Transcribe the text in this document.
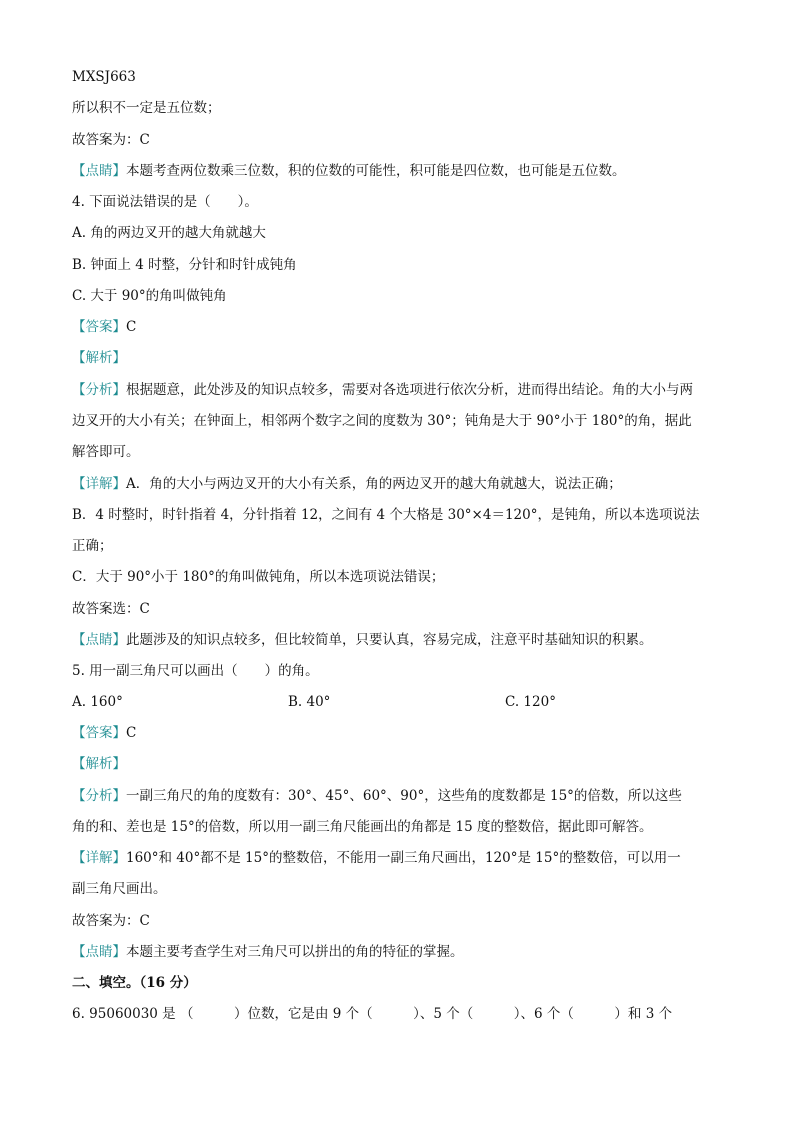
MXSJ663
所以积不一定是五位数；
故答案为：C
【点睛】本题考查两位数乘三位数，积的位数的可能性，积可能是四位数，也可能是五位数。
4. 下面说法错误的是（　　）。
A. 角的两边叉开的越大角就越大
B. 钟面上 4 时整，分针和时针成钝角
C. 大于 90°的角叫做钝角
【答案】C
【解析】
【分析】根据题意，此处涉及的知识点较多，需要对各选项进行依次分析，进而得出结论。角的大小与两
边叉开的大小有关；在钟面上，相邻两个数字之间的度数为 30°；钝角是大于 90°小于 180°的角，据此
解答即可。
【详解】A．角的大小与两边叉开的大小有关系，角的两边叉开的越大角就越大，说法正确；
B．4 时整时，时针指着 4，分针指着 12，之间有 4 个大格是 30°×4＝120°，是钝角，所以本选项说法
正确；
C．大于 90°小于 180°的角叫做钝角，所以本选项说法错误；
故答案选：C
【点睛】此题涉及的知识点较多，但比较简单，只要认真，容易完成，注意平时基础知识的积累。
5. 用一副三角尺可以画出（　　）的角。
A. 160°	B. 40°	C. 120°
【答案】C
【解析】
【分析】一副三角尺的角的度数有：30°、45°、60°、90°，这些角的度数都是 15°的倍数，所以这些
角的和、差也是 15°的倍数，所以用一副三角尺能画出的角都是 15 度的整数倍，据此即可解答。
【详解】160°和 40°都不是 15°的整数倍，不能用一副三角尺画出，120°是 15°的整数倍，可以用一
副三角尺画出。
故答案为：C
【点睛】本题主要考查学生对三角尺可以拼出的角的特征的掌握。
二、填空。（16 分）
6. 95060030 是 （　　　）位数，它是由 9 个（　　　）、5 个（　　　）、6 个（　　　）和 3 个
